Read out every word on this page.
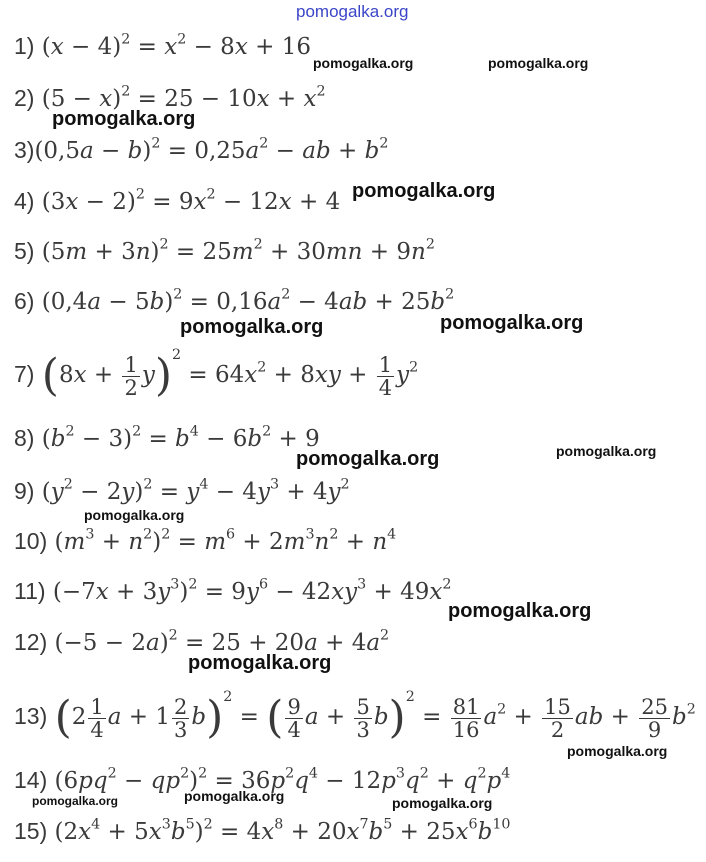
pomogalka.org
1) $(x - 4)^2 = x^2 - 8x + 16$
2) $(5 - x)^2 = 25 - 10x + x^2$
$3)(0,5a - b)^2 = 0,25a^2$ − ab + $b^2$
4) $(3x - 2)^2 = 9x^2 - 12x + 4$
5) $(5m + 3n)^2 = 25m^2 + 30mn + 9n^2$
6) $(0,4a - 5b)^2 = 0,16a^2 - 4ab + 25b^2$
7) $(8x + \frac{1}{2} y)^2 = 64x^2 + 8xy + \frac{1}{4} y^2$
8) $(b^2 - 3)^2 = b^4 - 6b^2 + 9$
9) $(y^2 - 2y)^2 = y^4 - 4y^3 + 4y^2$
10) $(m^3 + n^2)^2 = m^6 + 2m^3n^2 + n^4$
11) $(-7x + 3y^3)^2 = 9y^6 - 42xy^3 + 49x^2$
12) $(-5 - 2a)^2 = 25 + 20a + 4a^2$
13) ($2 \frac{1}{4}$ $a + 1 \frac{2}{3} b)^2$ = ( $\frac{9}{4}$ $a + \frac{5}{3} b)^2 = \frac{81}{16} a^2 + \frac{15}{2}$ ab + $\frac{25}{9} b^2$
14) $(6pq^2 - qp^2)^2 = 36p^2q^4 - 12p^3q^2 + q^2p^4$
15) $(2x^4 + 5x^3b^5)^2 = 4x^8 + 20x^7b^5 + 25x^6b^{10}$
pomogalka.org	pomogalka.org
pomogalka.org
pomogalka.org
pomogalka.org	pomogalka.org
pomogalka.org	pomogalka.org
pomogalka.org
pomogalka.org
pomogalka.org
pomogalka.org
pomogalka.org	pomogalka.org	pomogalka.org
